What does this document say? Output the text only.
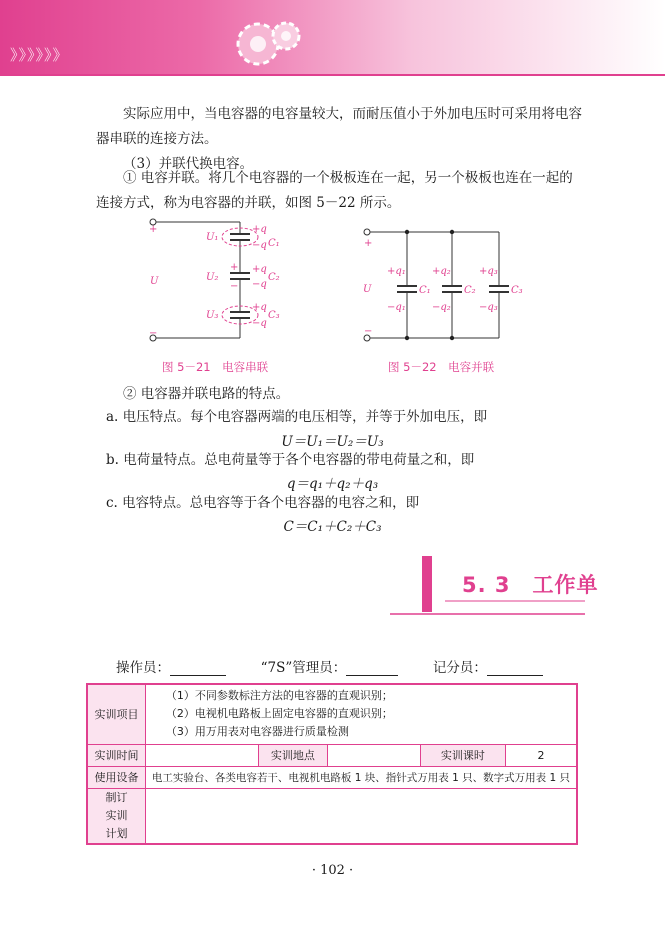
》》》》》》
实际应用中，当电容器的电容量较大，而耐压值小于外加电压时可采用将电容器串联的连接方法。
（3）并联代换电容。
① 电容并联。将几个电容器的一个极板连在一起，另一个极板也连在一起的连接方式，称为电容器的并联，如图 5－22 所示。
+
−
U
U₁
U₂
U₃
C₁
C₂
C₃
+q
−q
+q
−q
+q
−q
+
−
图 5－21　电容串联
+
−
U
+q₁	+q₂	+q₃
−q₁	−q₂	−q₃
C₁	C₂	C₃
图 5－22　电容并联
② 电容器并联电路的特点。
a. 电压特点。每个电容器两端的电压相等，并等于外加电压，即
U＝U₁＝U₂＝U₃
b. 电荷量特点。总电荷量等于各个电容器的带电荷量之和，即
q＝q₁＋q₂＋q₃
c. 电容特点。总电容等于各个电容器的电容之和，即
C＝C₁＋C₂＋C₃
5. 3　工作单
操作员：	“7S”管理员：	记分员：
实训项目	（1）不同参数标注方法的电容器的直观识别；
（2）电视机电路板上固定电容器的直观识别；
（3）用万用表对电容器进行质量检测				

实训时间		实训地点		实训课时	2
使用设备	电工实验台、各类电容若干、电视机电路板 1 块、指针式万用表 1 只、数字式万用表 1 只				
制订实训计划					
· 102 ·
